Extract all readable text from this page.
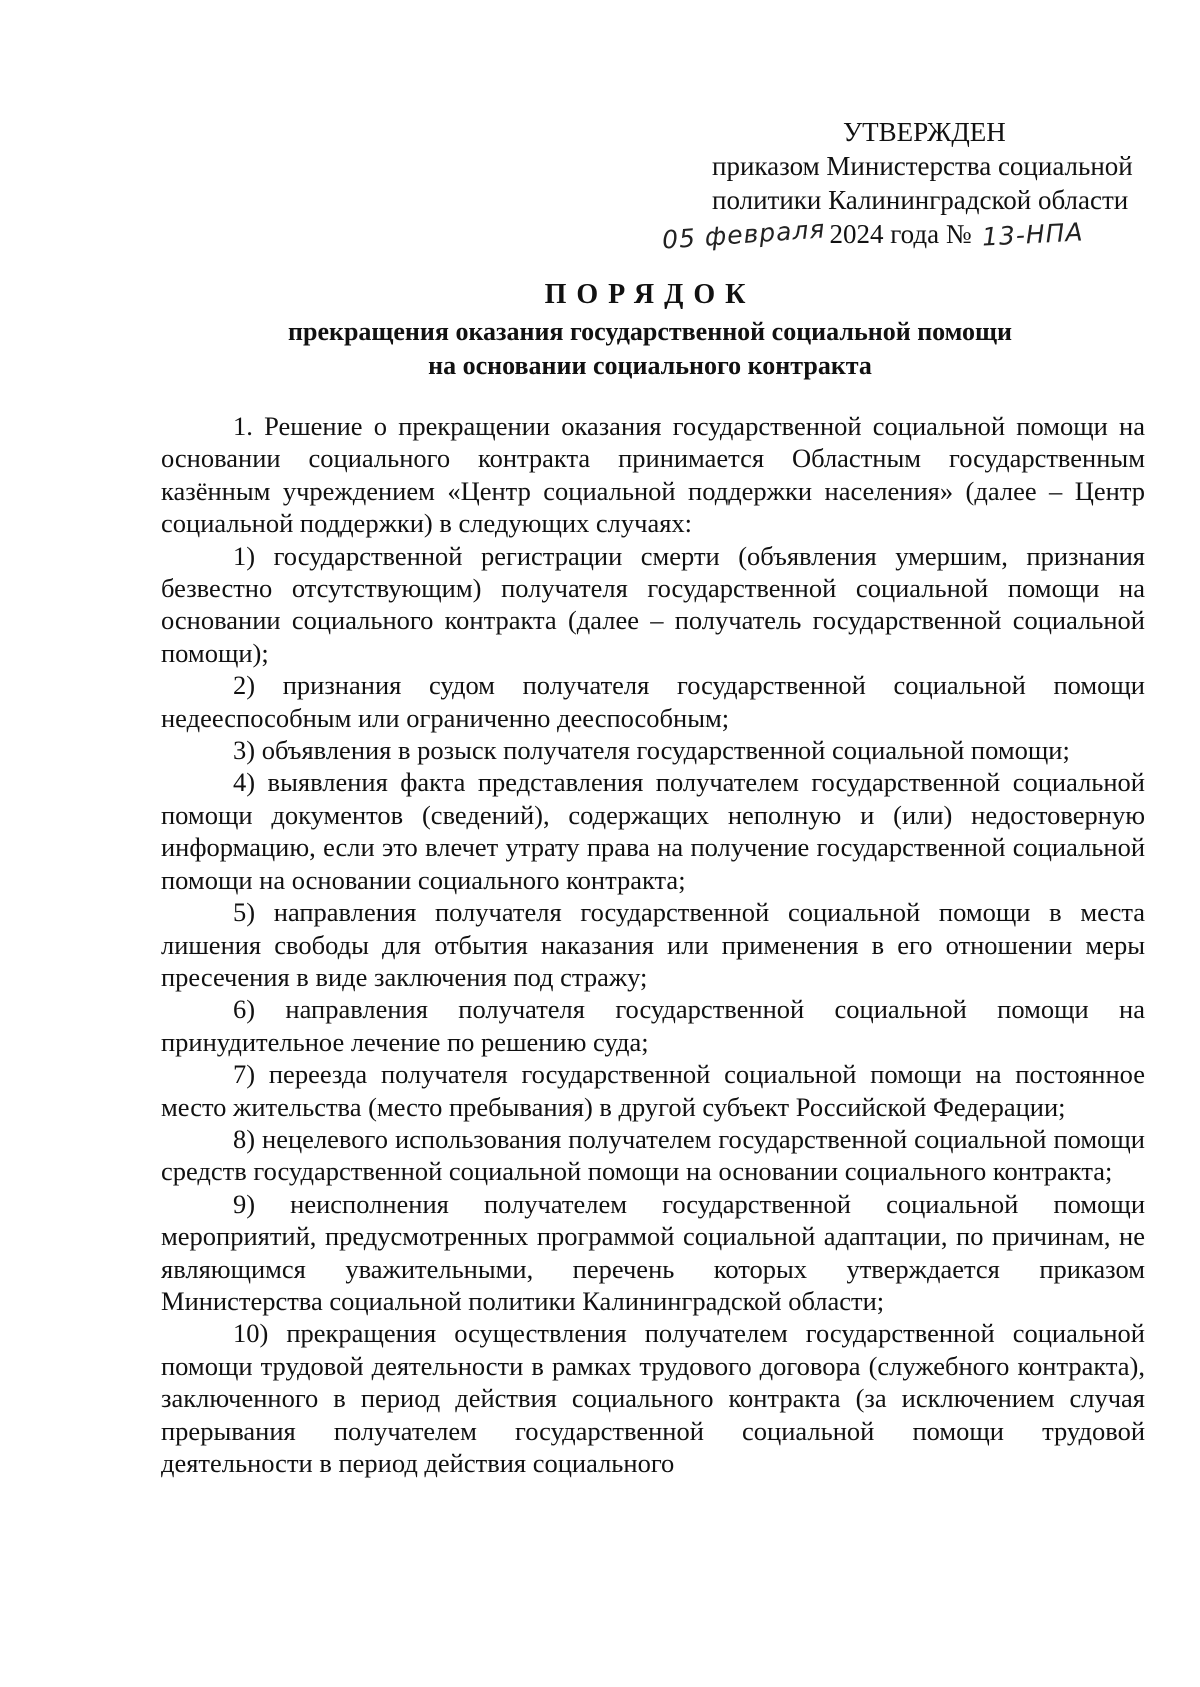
УТВЕРЖДЕН
приказом Министерства социальной
политики Калининградской области
05 февраля 2024 года № 13-НПА
ПОРЯДОК
прекращения оказания государственной социальной помощи
на основании социального контракта

1. Решение о прекращении оказания государственной социальной помощи на основании социального контракта принимается Областным государственным казённым учреждением «Центр социальной поддержки населения» (далее – Центр социальной поддержки) в следующих случаях:

1) государственной регистрации смерти (объявления умершим, признания безвестно отсутствующим) получателя государственной социальной помощи на основании социального контракта (далее – получатель государственной социальной помощи);

2) признания судом получателя государственной социальной помощи недееспособным или ограниченно дееспособным;

3) объявления в розыск получателя государственной социальной помощи;

4) выявления факта представления получателем государственной социальной помощи документов (сведений), содержащих неполную и (или) недостоверную информацию, если это влечет утрату права на получение государственной социальной помощи на основании социального контракта;

5) направления получателя государственной социальной помощи в места лишения свободы для отбытия наказания или применения в его отношении меры пресечения в виде заключения под стражу;

6) направления получателя государственной социальной помощи на принудительное лечение по решению суда;

7) переезда получателя государственной социальной помощи на постоянное место жительства (место пребывания) в другой субъект Российской Федерации;

8) нецелевого использования получателем государственной социальной помощи средств государственной социальной помощи на основании социального контракта;

9) неисполнения получателем государственной социальной помощи мероприятий, предусмотренных программой социальной адаптации, по причинам, не являющимся уважительными, перечень которых утверждается приказом Министерства социальной политики Калининградской области;

10) прекращения осуществления получателем государственной социальной помощи трудовой деятельности в рамках трудового договора (служебного контракта), заключенного в период действия социального контракта (за исключением случая прерывания получателем государственной социальной помощи трудовой деятельности в период действия социального
